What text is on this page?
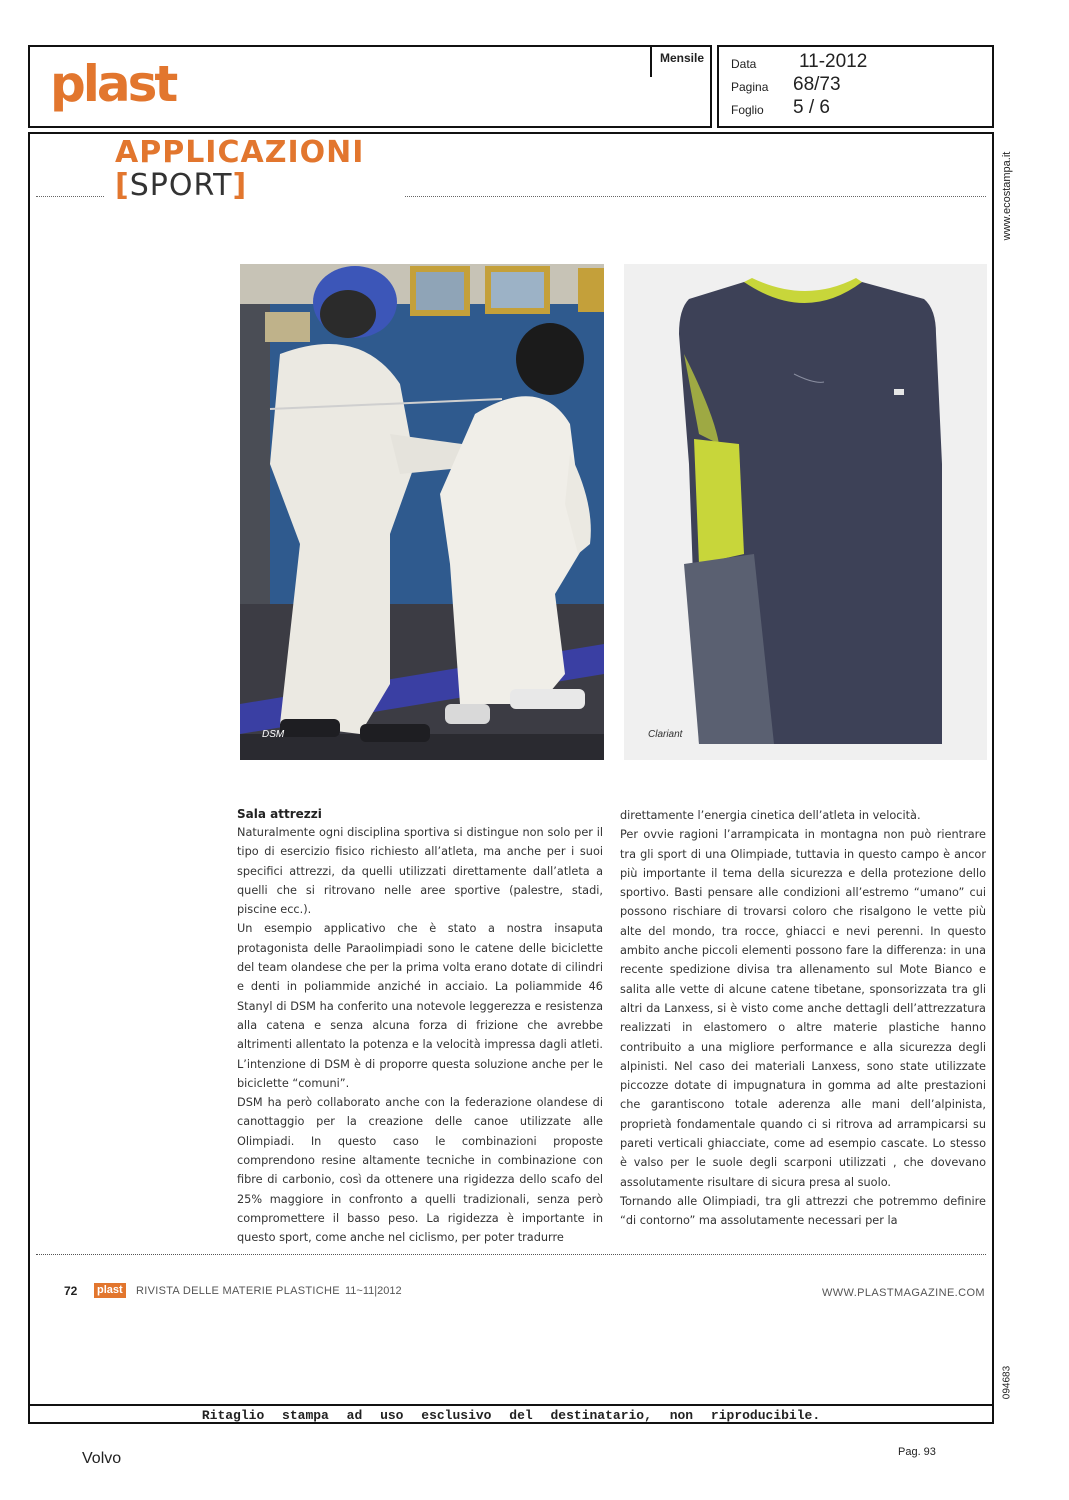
plast	Mensile	Data 11-2012
Pagina 68/73
Foglio 5 / 6
www.ecostampa.it
094683
APPLICAZIONI
[SPORT]
DSM	Clariant
Sala attrezzi

Naturalmente ogni disciplina sportiva si distingue non solo per il tipo di esercizio fisico richiesto all’atleta, ma anche per i suoi specifici attrezzi, da quelli utilizzati direttamente dall’atleta a quelli che si ritrovano nelle aree sportive (palestre, stadi, piscine ecc.).

Un esempio applicativo che è stato a nostra insaputa protagonista delle Paraolimpiadi sono le catene delle biciclette del team olandese che per la prima volta erano dotate di cilindri e denti in poliammide anziché in acciaio. La poliammide 46 Stanyl di DSM ha conferito una notevole leggerezza e resistenza alla catena e senza alcuna forza di frizione che avrebbe altrimenti allentato la potenza e la velocità impressa dagli atleti. L’intenzione di DSM è di proporre questa soluzione anche per le biciclette “comuni”.

DSM ha però collaborato anche con la federazione olandese di canottaggio per la creazione delle canoe utilizzate alle Olimpiadi. In questo caso le combinazioni proposte comprendono resine altamente tecniche in combinazione con fibre di carbonio, così da ottenere una rigidezza dello scafo del 25% maggiore in confronto a quelli tradizionali, senza però compromettere il basso peso. La rigidezza è importante in questo sport, come anche nel ciclismo, per poter tradurre

direttamente l’energia cinetica dell’atleta in velocità.

Per ovvie ragioni l’arrampicata in montagna non può rientrare tra gli sport di una Olimpiade, tuttavia in questo campo è ancor più importante il tema della sicurezza e della protezione dello sportivo. Basti pensare alle condizioni all’estremo “umano” cui possono rischiare di trovarsi coloro che risalgono le vette più alte del mondo, tra rocce, ghiacci e nevi perenni. In questo ambito anche piccoli elementi possono fare la differenza: in una recente spedizione divisa tra allenamento sul Mote Bianco e salita alle vette di alcune catene tibetane, sponsorizzata tra gli altri da Lanxess, si è visto come anche dettagli dell’attrezzatura realizzati in elastomero o altre materie plastiche hanno contribuito a una migliore performance e alla sicurezza degli alpinisti. Nel caso dei materiali Lanxess, sono state utilizzate piccozze dotate di impugnatura in gomma ad alte prestazioni che garantiscono totale aderenza alle mani dell’alpinista, proprietà fondamentale quando ci si ritrova ad arrampicarsi su pareti verticali ghiacciate, come ad esempio cascate. Lo stesso è valso per le suole degli scarponi utilizzati , che dovevano assolutamente risultare di sicura presa al suolo.

Tornando alle Olimpiadi, tra gli attrezzi che potremmo definire “di contorno” ma assolutamente necessari per la

72 plast RIVISTA DELLE MATERIE PLASTICHE 11~11|2012	WWW.PLASTMAGAZINE.COM
Ritaglio stampa ad uso esclusivo del destinatario, non riproducibile.
Volvo	Pag. 93
